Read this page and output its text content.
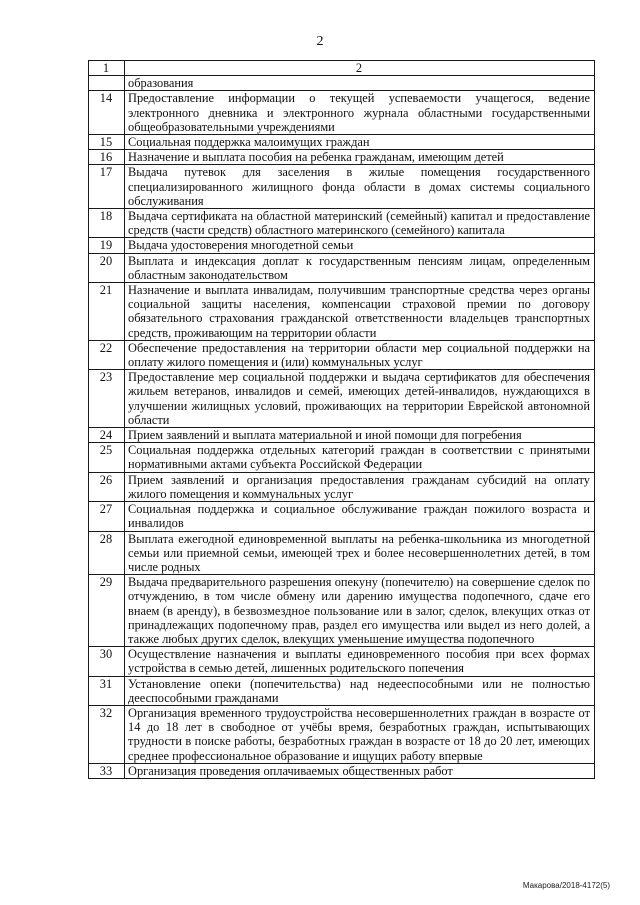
2
1	2
	образования
14	Предоставление информации о текущей успеваемости учащегося, ведение электронного дневника и электронного журнала областными государственными общеобразовательными учреждениями
15	Социальная поддержка малоимущих граждан
16	Назначение и выплата пособия на ребенка гражданам, имеющим детей
17	Выдача путевок для заселения в жилые помещения государственного специализированного жилищного фонда области в домах системы социального обслуживания
18	Выдача сертификата на областной материнский (семейный) капитал и предоставление средств (части средств) областного материнского (семейного) капитала
19	Выдача удостоверения многодетной семьи
20	Выплата и индексация доплат к государственным пенсиям лицам, определенным областным законодательством
21	Назначение и выплата инвалидам, получившим транспортные средства через органы социальной защиты населения, компенсации страховой премии по договору обязательного страхования гражданской ответственности владельцев транспортных средств, проживающим на территории области
22	Обеспечение предоставления на территории области мер социальной поддержки на оплату жилого помещения и (или) коммунальных услуг
23	Предоставление мер социальной поддержки и выдача сертификатов для обеспечения жильем ветеранов, инвалидов и семей, имеющих детей-инвалидов, нуждающихся в улучшении жилищных условий, проживающих на территории Еврейской автономной области
24	Прием заявлений и выплата материальной и иной помощи для погребения
25	Социальная поддержка отдельных категорий граждан в соответствии с принятыми нормативными актами субъекта Российской Федерации
26	Прием заявлений и организация предоставления гражданам субсидий на оплату жилого помещения и коммунальных услуг
27	Социальная поддержка и социальное обслуживание граждан пожилого возраста и инвалидов
28	Выплата ежегодной единовременной выплаты на ребенка-школьника из многодетной семьи или приемной семьи, имеющей трех и более несовершеннолетних детей, в том числе родных
29	Выдача предварительного разрешения опекуну (попечителю) на совершение сделок по отчуждению, в том числе обмену или дарению имущества подопечного, сдаче его внаем (в аренду), в безвозмездное пользование или в залог, сделок, влекущих отказ от принадлежащих подопечному прав, раздел его имущества или выдел из него долей, а также любых других сделок, влекущих уменьшение имущества подопечного
30	Осуществление назначения и выплаты единовременного пособия при всех формах устройства в семью детей, лишенных родительского попечения
31	Установление опеки (попечительства) над недееспособными или не полностью дееспособными гражданами
32	Организация временного трудоустройства несовершеннолетних граждан в возрасте от 14 до 18 лет в свободное от учёбы время, безработных граждан, испытывающих трудности в поиске работы, безработных граждан в возрасте от 18 до 20 лет, имеющих среднее профессиональное образование и ищущих работу впервые
33	Организация проведения оплачиваемых общественных работ
Макарова/2018-4172(5)
